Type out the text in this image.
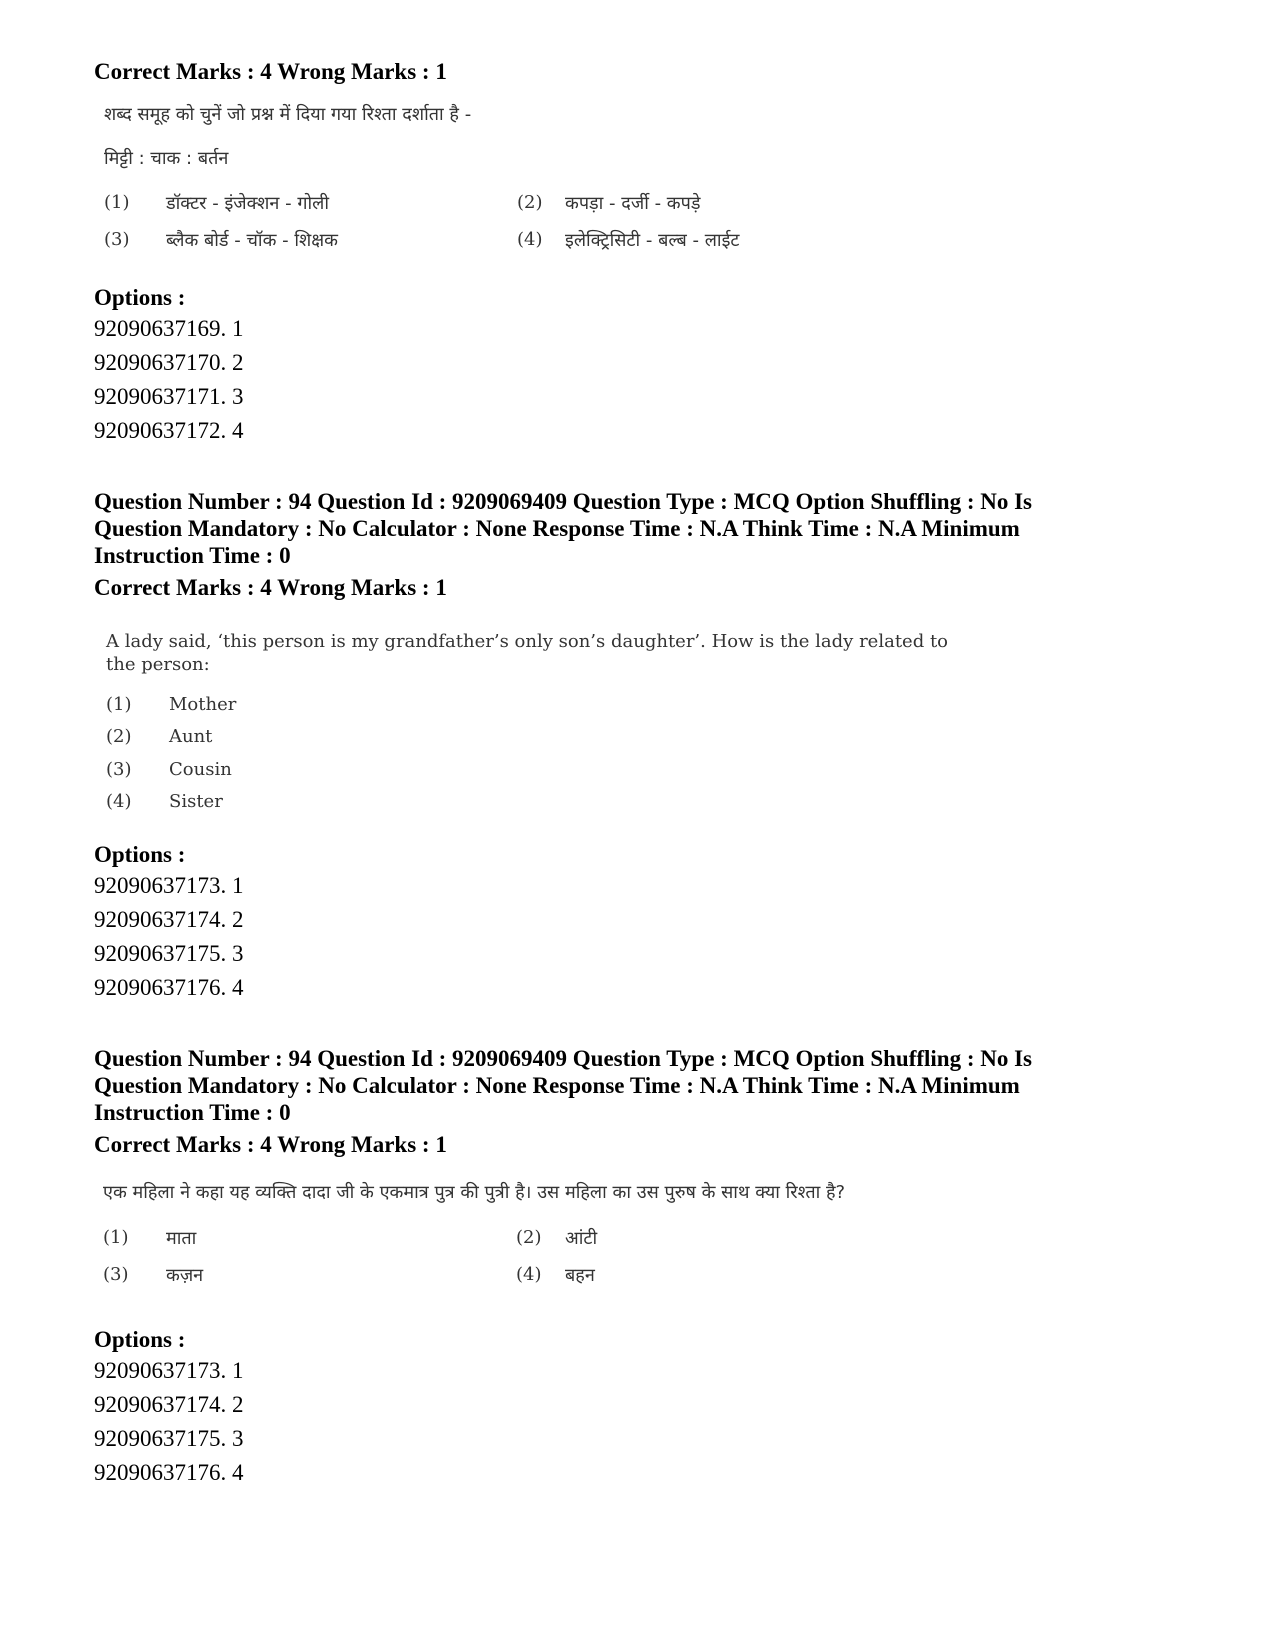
Correct Marks : 4 Wrong Marks : 1
शब्द समूह को चुनें जो प्रश्न में दिया गया रिश्ता दर्शाता है -
मिट्टी : चाक : बर्तन
(1) डॉक्टर - इंजेक्शन - गोली	(2) कपड़ा - दर्जी - कपड़े
(3) ब्लैक बोर्ड - चॉक - शिक्षक	(4) इलेक्ट्रिसिटी - बल्ब - लाईट
Options :
92090637169. 1
92090637170. 2
92090637171. 3
92090637172. 4
Question Number : 94 Question Id : 9209069409 Question Type : MCQ Option Shuffling : No Is
Question Mandatory : No Calculator : None Response Time : N.A Think Time : N.A Minimum
Instruction Time : 0
Correct Marks : 4 Wrong Marks : 1
A lady said, ‘this person is my grandfather’s only son’s daughter’. How is the lady related to
the person:
(1) Mother
(2) Aunt
(3) Cousin
(4) Sister
Options :
92090637173. 1
92090637174. 2
92090637175. 3
92090637176. 4
Question Number : 94 Question Id : 9209069409 Question Type : MCQ Option Shuffling : No Is
Question Mandatory : No Calculator : None Response Time : N.A Think Time : N.A Minimum
Instruction Time : 0
Correct Marks : 4 Wrong Marks : 1
एक महिला ने कहा यह व्यक्ति दादा जी के एकमात्र पुत्र की पुत्री है। उस महिला का उस पुरुष के साथ क्या रिश्ता है?
(1) माता	(2) आंटी
(3) कज़न	(4) बहन
Options :
92090637173. 1
92090637174. 2
92090637175. 3
92090637176. 4
